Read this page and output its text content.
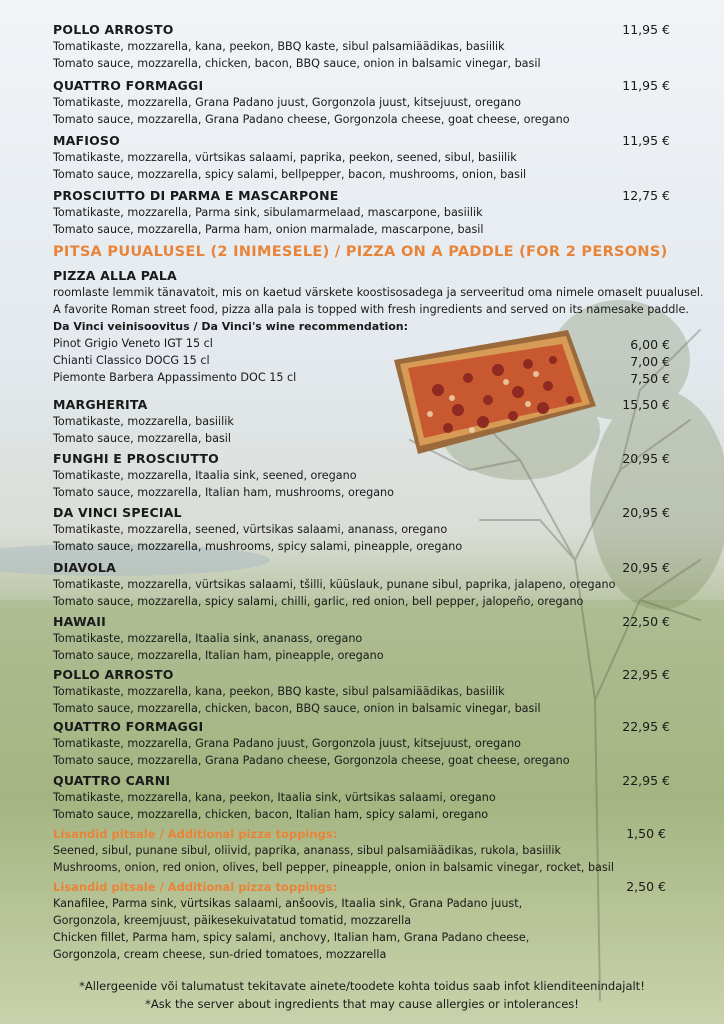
POLLO ARROSTO
Tomatikaste, mozzarella, kana, peekon, BBQ kaste, sibul palsamiäädikas, basiilik
Tomato sauce, mozzarella, chicken, bacon, BBQ sauce, onion in balsamic vinegar, basil
11,95 €
QUATTRO FORMAGGI
Tomatikaste, mozzarella, Grana Padano juust, Gorgonzola juust, kitsejuust, oregano
Tomato sauce, mozzarella, Grana Padano cheese, Gorgonzola cheese, goat cheese, oregano
11,95 €
MAFIOSO
Tomatikaste, mozzarella, vürtsikas salaami, paprika, peekon, seened, sibul, basiilik
Tomato sauce, mozzarella, spicy salami, bellpepper, bacon, mushrooms, onion, basil
11,95 €
PROSCIUTTO DI PARMA E MASCARPONE
Tomatikaste, mozzarella, Parma sink, sibulamarmelaad, mascarpone, basiilik
Tomato sauce, mozzarella, Parma ham, onion marmalade, mascarpone, basil
12,75 €
PITSA PUUALUSEL (2 INIMESELE) / PIZZA ON A PADDLE (FOR 2 PERSONS)
PIZZA ALLA PALA
roomlaste lemmik tänavatoit, mis on kaetud värskete koostisosadega ja serveeritud oma nimele omaselt puualusel.
A favorite Roman street food, pizza alla pala is topped with fresh ingredients and served on its namesake paddle.
Da Vinci veinisoovitus / Da Vinci's wine recommendation:
Pinot Grigio Veneto IGT 15 cl
Chianti Classico DOCG 15 cl
Piemonte Barbera Appassimento DOC 15 cl
6,00 €
7,00 €
7,50 €
MARGHERITA
Tomatikaste, mozzarella, basiilik
Tomato sauce, mozzarella, basil
15,50 €
FUNGHI E PROSCIUTTO
Tomatikaste, mozzarella, Itaalia sink, seened, oregano
Tomato sauce, mozzarella, Italian ham, mushrooms, oregano
20,95 €
DA VINCI SPECIAL
Tomatikaste, mozzarella, seened, vürtsikas salaami, ananass, oregano
Tomato sauce, mozzarella, mushrooms, spicy salami, pineapple, oregano
20,95 €
DIAVOLA
Tomatikaste, mozzarella, vürtsikas salaami, tšilli, küüslauk, punane sibul, paprika, jalapeno, oregano
Tomato sauce, mozzarella, spicy salami, chilli, garlic, red onion, bell pepper, jalopeño, oregano
20,95 €
HAWAII
Tomatikaste, mozzarella, Itaalia sink, ananass, oregano
Tomato sauce, mozzarella, Italian ham, pineapple, oregano
22,50 €
POLLO ARROSTO
Tomatikaste, mozzarella, kana, peekon, BBQ kaste, sibul palsamiäädikas, basiilik
Tomato sauce, mozzarella, chicken, bacon, BBQ sauce, onion in balsamic vinegar, basil
22,95 €
QUATTRO FORMAGGI
Tomatikaste, mozzarella, Grana Padano juust, Gorgonzola juust, kitsejuust, oregano
Tomato sauce, mozzarella, Grana Padano cheese, Gorgonzola cheese, goat cheese, oregano
22,95 €
QUATTRO CARNI
Tomatikaste, mozzarella, kana, peekon, Itaalia sink, vürtsikas salaami, oregano
Tomato sauce, mozzarella, chicken, bacon, Italian ham, spicy salami, oregano
22,95 €
Lisandid pitsale / Additional pizza toppings:
Seened, sibul, punane sibul, oliivid, paprika, ananass, sibul palsamiäädikas, rukola, basiilik
Mushrooms, onion, red onion, olives, bell pepper, pineapple, onion in balsamic vinegar, rocket, basil
1,50 €
Lisandid pitsale / Additional pizza toppings:
Kanafilee, Parma sink, vürtsikas salaami, anšoovis, Itaalia sink, Grana Padano juust,
Gorgonzola, kreemjuust, päikesekuivatatud tomatid, mozzarella
Chicken fillet, Parma ham, spicy salami, anchovy, Italian ham, Grana Padano cheese,
Gorgonzola, cream cheese, sun-dried tomatoes, mozzarella
2,50 €
*Allergeenide või talumatust tekitavate ainete/toodete kohta toidus saab infot klienditeenindajalt!
*Ask the server about ingredients that may cause allergies or intolerances!
